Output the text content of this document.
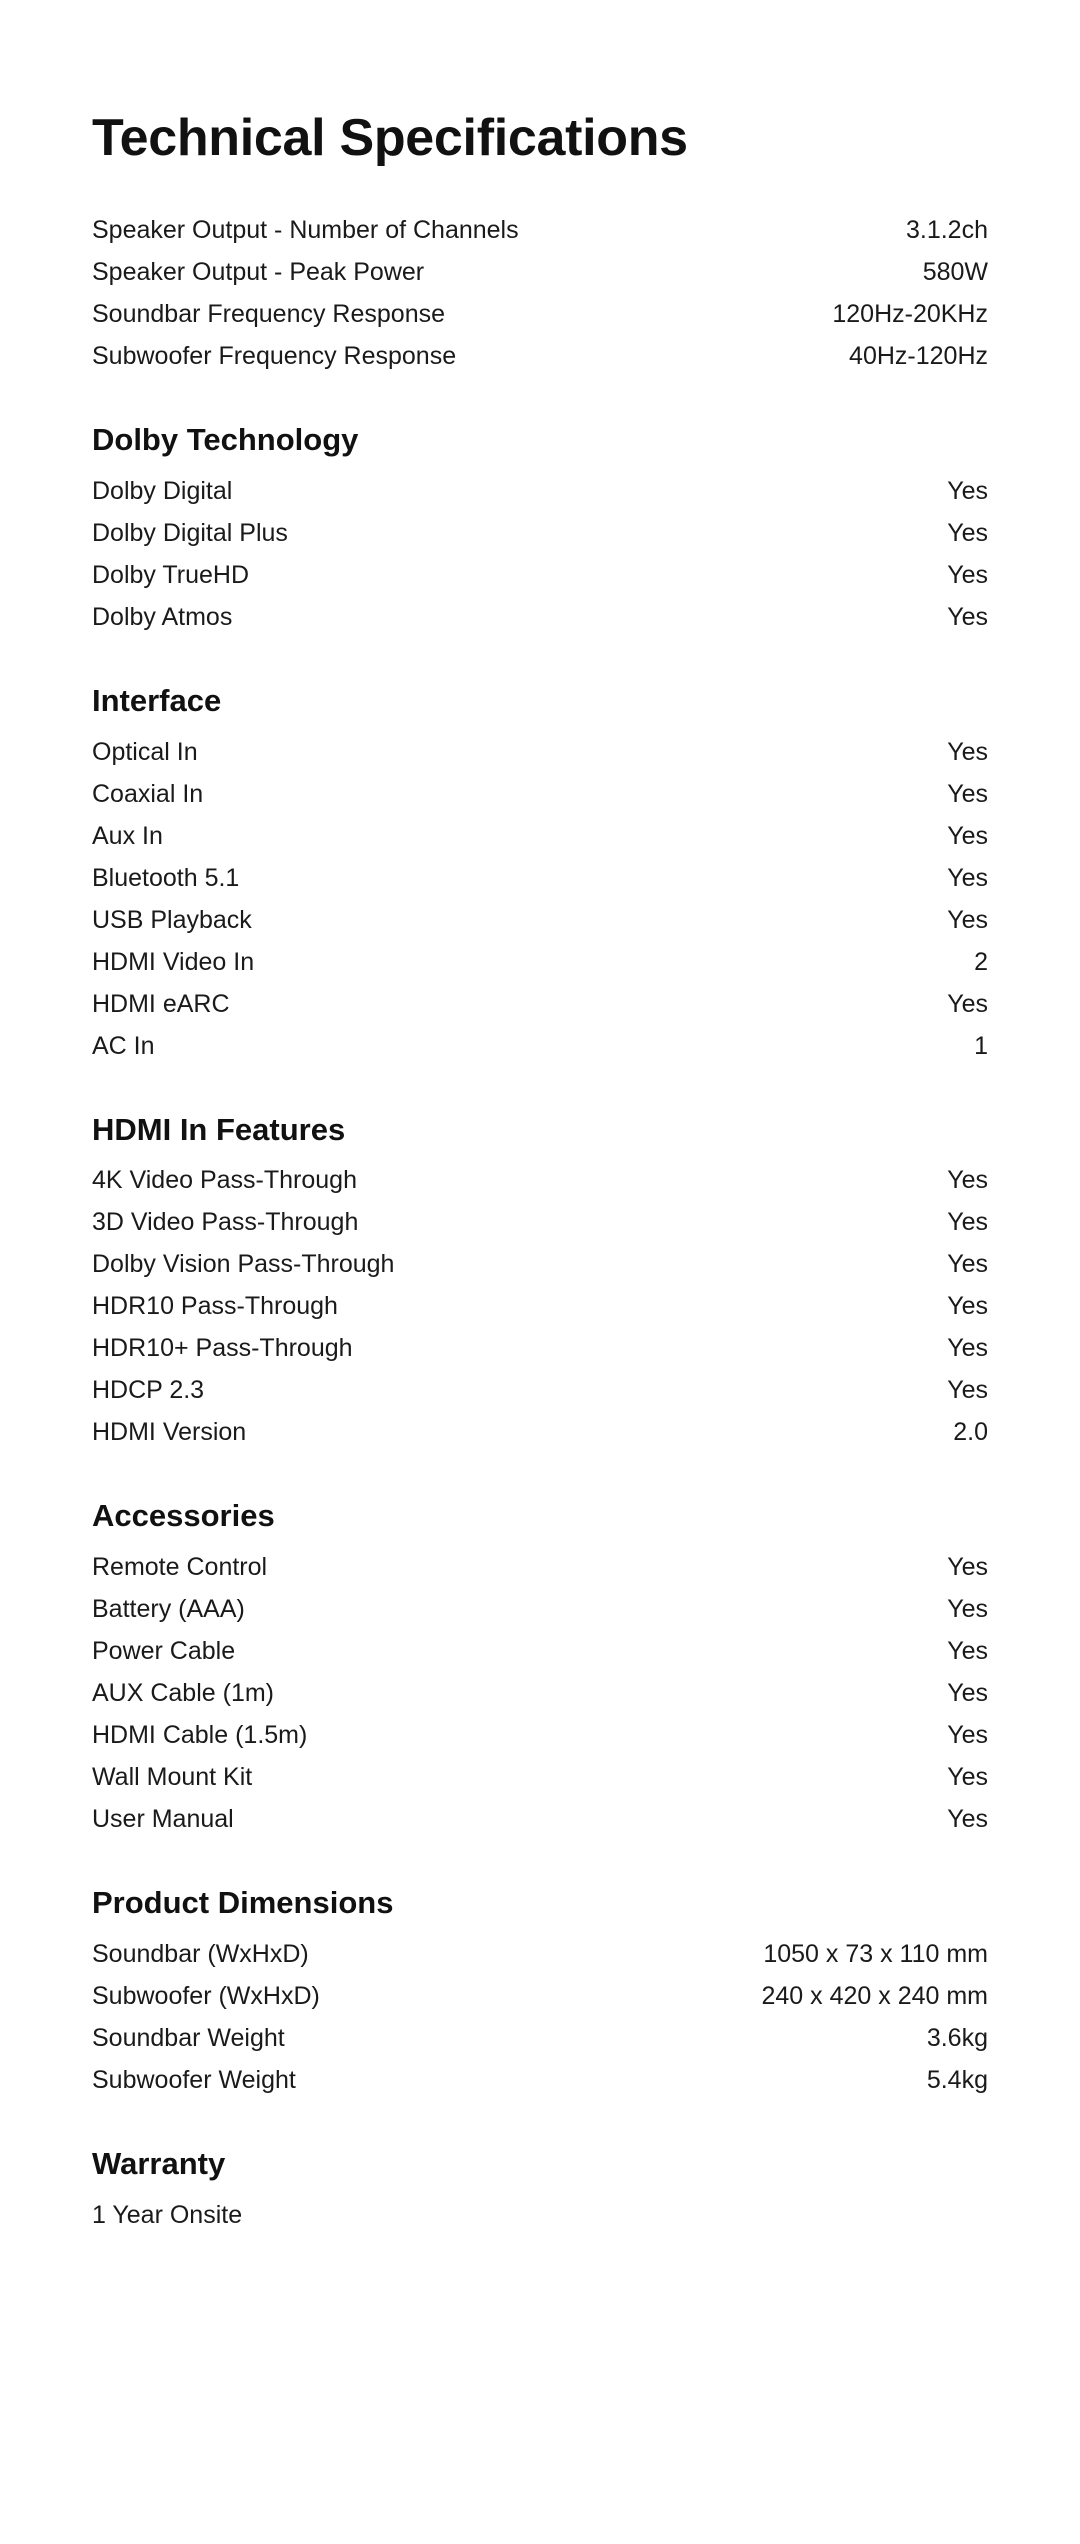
Technical Specifications
Speaker Output - Number of Channels	3.1.2ch
Speaker Output - Peak Power	580W
Soundbar Frequency Response	120Hz-20KHz
Subwoofer Frequency Response	40Hz-120Hz
Dolby Technology
Dolby Digital	Yes
Dolby Digital Plus	Yes
Dolby TrueHD	Yes
Dolby Atmos	Yes
Interface
Optical In	Yes
Coaxial In	Yes
Aux In	Yes
Bluetooth 5.1	Yes
USB Playback	Yes
HDMI Video In	2
HDMI eARC	Yes
AC In	1
HDMI In Features
4K Video Pass-Through	Yes
3D Video Pass-Through	Yes
Dolby Vision Pass-Through	Yes
HDR10 Pass-Through	Yes
HDR10+ Pass-Through	Yes
HDCP 2.3	Yes
HDMI Version	2.0
Accessories
Remote Control	Yes
Battery (AAA)	Yes
Power Cable	Yes
AUX Cable (1m)	Yes
HDMI Cable (1.5m)	Yes
Wall Mount Kit	Yes
User Manual	Yes
Product Dimensions
Soundbar (WxHxD)	1050 x 73 x 110 mm
Subwoofer (WxHxD)	240 x 420 x 240 mm
Soundbar Weight	3.6kg
Subwoofer Weight	5.4kg
Warranty
1 Year Onsite	
